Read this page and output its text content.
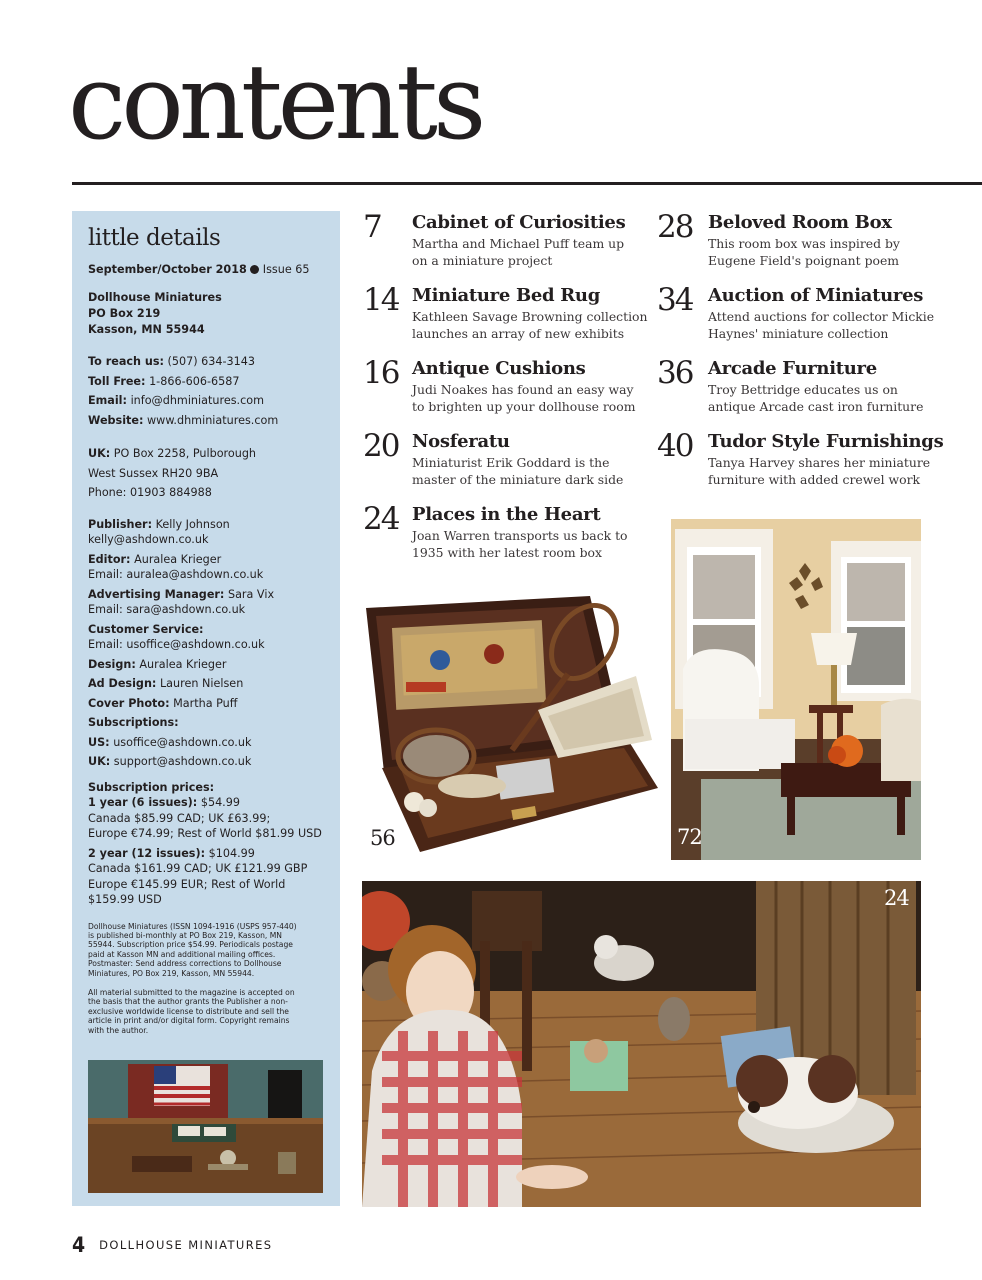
contents
little details
September/October 2018 Issue 65
Dollhouse Miniatures
PO Box 219
Kasson, MN 55944
To reach us: (507) 634-3143
Toll Free: 1-866-606-6587
Email: info@dhminiatures.com
Website: www.dhminiatures.com
UK: PO Box 2258, Pulborough
West Sussex RH20 9BA
Phone: 01903 884988
Publisher: Kelly Johnson
kelly@ashdown.co.uk
Editor: Auralea Krieger
Email: auralea@ashdown.co.uk
Advertising Manager: Sara Vix
Email: sara@ashdown.co.uk
Customer Service:
Email: usoffice@ashdown.co.uk
Design: Auralea Krieger
Ad Design: Lauren Nielsen
Cover Photo: Martha Puff
Subscriptions:
US: usoffice@ashdown.co.uk
UK: support@ashdown.co.uk
Subscription prices:
1 year (6 issues): $54.99
Canada $85.99 CAD; UK £63.99;
Europe €74.99; Rest of World $81.99 USD
2 year (12 issues): $104.99
Canada $161.99 CAD; UK £121.99 GBP
Europe €145.99 EUR; Rest of World
$159.99 USD
Dollhouse Miniatures (ISSN 1094-1916 (USPS 957-440)
is published bi-monthly at PO Box 219, Kasson, MN
55944. Subscription price $54.99. Periodicals postage
paid at Kasson MN and additional mailing offices.
Postmaster: Send address corrections to Dollhouse
Miniatures, PO Box 219, Kasson, MN 55944.
All material submitted to the magazine is accepted on
the basis that the author grants the Publisher a non-
exclusive worldwide license to distribute and sell the
article in print and/or digital form. Copyright remains
with the author.
7 Cabinet of Curiosities
Martha and Michael Puff team up
on a miniature project
14 Miniature Bed Rug
Kathleen Savage Browning collection
launches an array of new exhibits
16 Antique Cushions
Judi Noakes has found an easy way
to brighten up your dollhouse room
20 Nosferatu
Miniaturist Erik Goddard is the
master of the miniature dark side
24 Places in the Heart
Joan Warren transports us back to
1935 with her latest room box
28 Beloved Room Box
This room box was inspired by
Eugene Field's poignant poem
34 Auction of Miniatures
Attend auctions for collector Mickie
Haynes' miniature collection
36 Arcade Furniture
Troy Bettridge educates us on
antique Arcade cast iron furniture
40 Tudor Style Furnishings
Tanya Harvey shares her miniature
furniture with added crewel work
56	72
24
4 DOLLHOUSE MINIATURES
